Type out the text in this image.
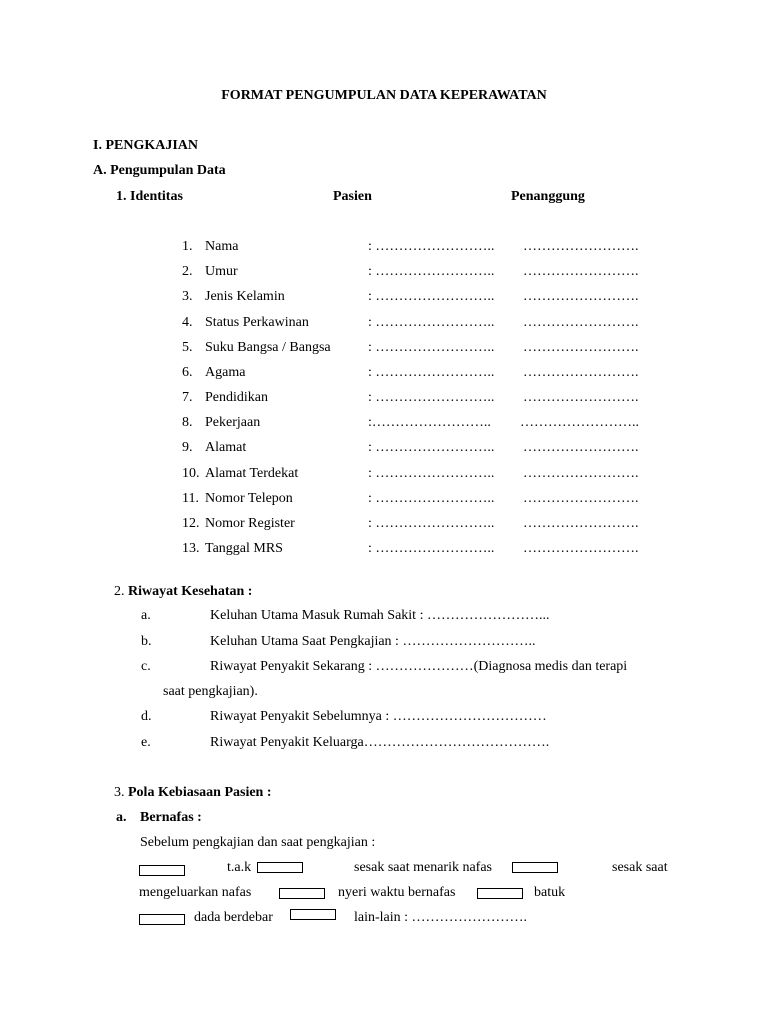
FORMAT PENGUMPULAN DATA KEPERAWATAN
I. PENGKAJIAN
A. Pengumpulan Data
1. Identitas	Pasien	Penanggung
1. Nama	: …………………….. …………………….
2. Umur	: …………………….. …………………….
3. Jenis Kelamin	: …………………….. …………………….
4. Status Perkawinan	: …………………….. …………………….
5. Suku Bangsa / Bangsa	: …………………….. …………………….
6. Agama	: …………………….. …………………….
7. Pendidikan	: …………………….. …………………….
8. Pekerjaan	:…………………….. ……………………..
9. Alamat	: …………………….. …………………….
10. Alamat Terdekat	: …………………….. …………………….
11. Nomor Telepon	: …………………….. …………………….
12. Nomor Register	: …………………….. …………………….
13. Tanggal MRS	: …………………….. …………………….
2. Riwayat Kesehatan :
a.	Keluhan Utama Masuk Rumah Sakit : ……………………...
b.	Keluhan Utama Saat Pengkajian : ………………………..
c.	Riwayat Penyakit Sekarang : …………………(Diagnosa medis dan terapi
saat pengkajian).
d.	Riwayat Penyakit Sebelumnya : ……………………………
e.	Riwayat Penyakit Keluarga………………………………….
3. Pola Kebiasaan Pasien :
a. Bernafas :
Sebelum pengkajian dan saat pengkajian :
t.a.k	sesak saat menarik nafas	sesak saat
mengeluarkan nafas	nyeri waktu bernafas	batuk
dada berdebar	lain-lain : …………………….
